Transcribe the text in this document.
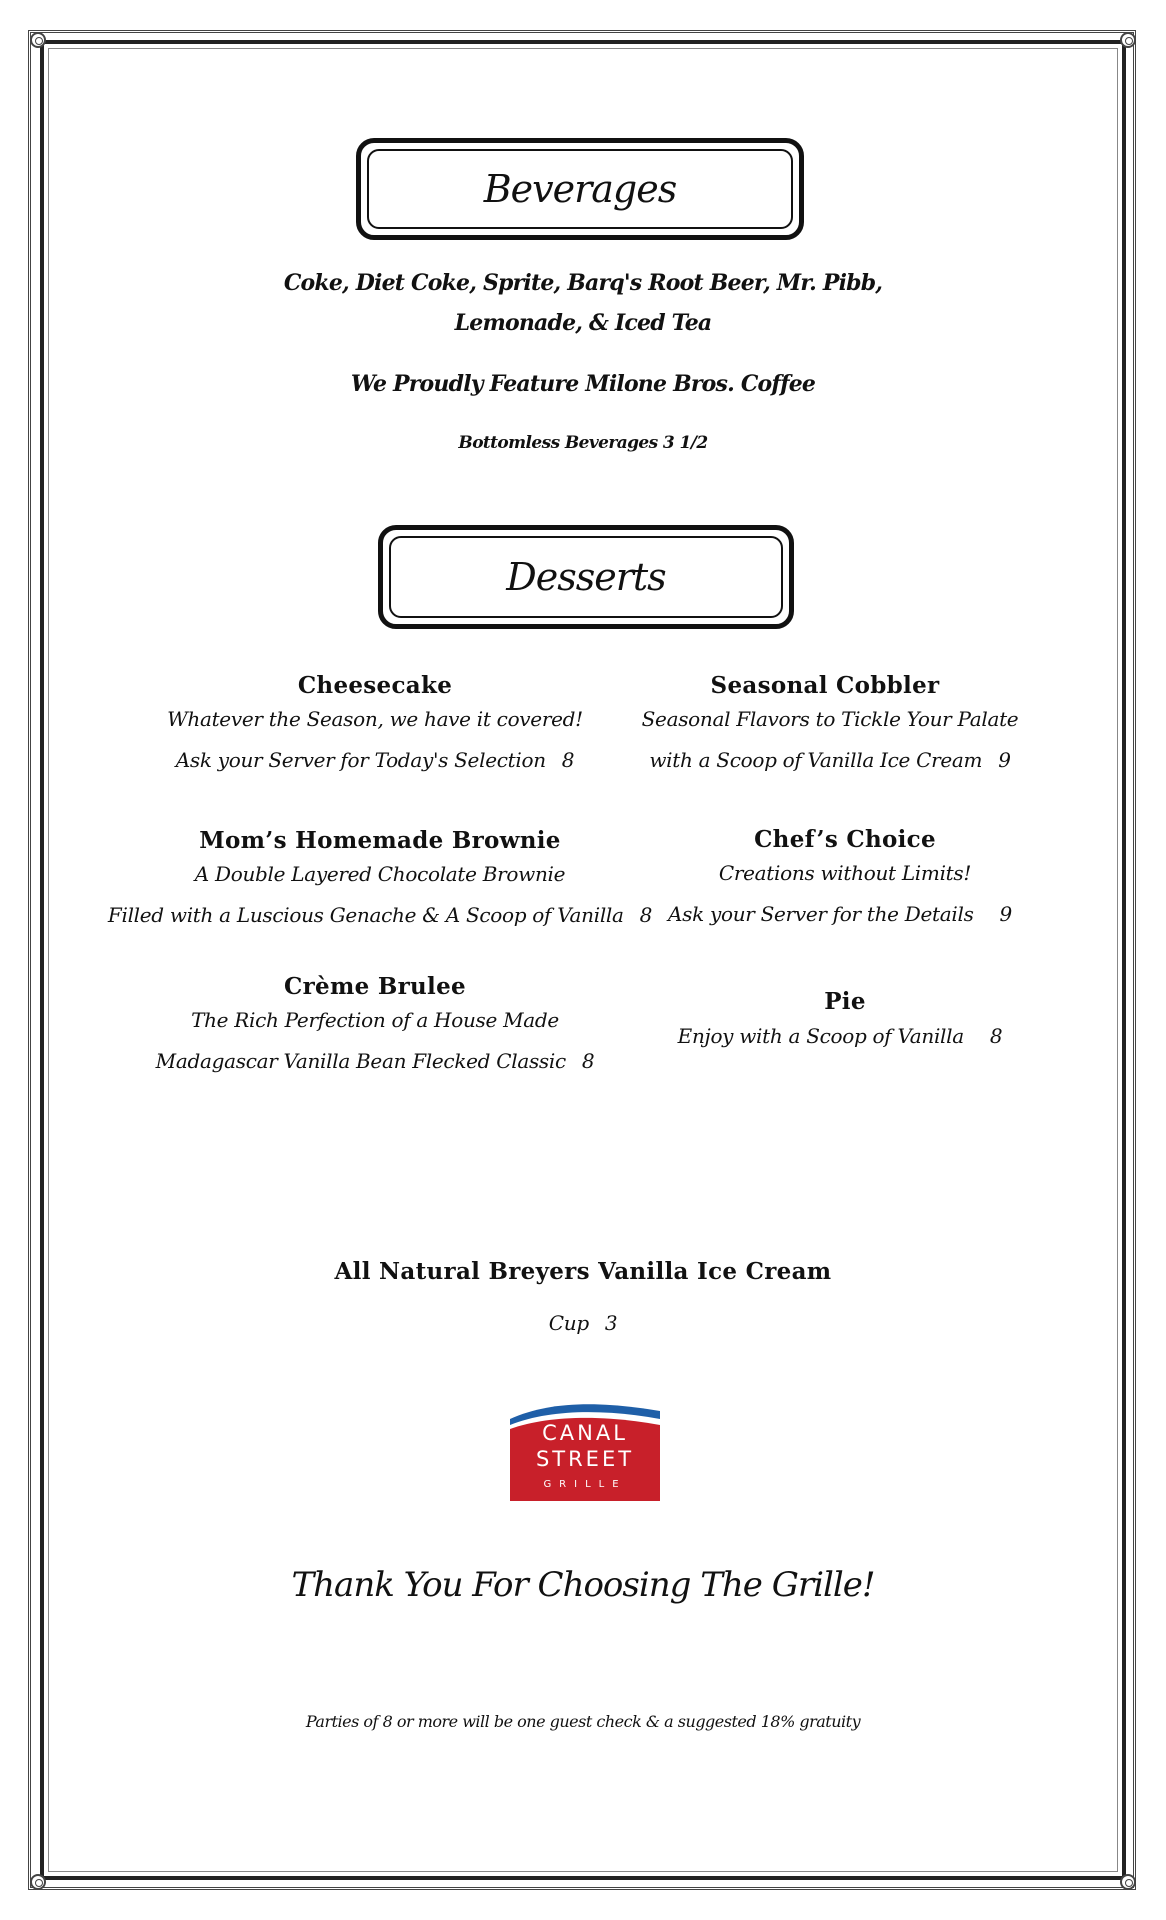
Beverages
Coke, Diet Coke, Sprite, Barq's Root Beer, Mr. Pibb,
Lemonade, & Iced Tea
We Proudly Feature Milone Bros. Coffee
Bottomless Beverages 3 1/2
Desserts
Cheesecake
Whatever the Season, we have it covered!
Ask your Server for Today's Selection 8
Seasonal Cobbler
Seasonal Flavors to Tickle Your Palate
with a Scoop of Vanilla Ice Cream 9
Mom’s Homemade Brownie
A Double Layered Chocolate Brownie
Filled with a Luscious Genache & A Scoop of Vanilla 8
Chef’s Choice
Creations without Limits!
Ask your Server for the Details 9
Crème Brulee
The Rich Perfection of a House Made
Madagascar Vanilla Bean Flecked Classic 8
Pie
Enjoy with a Scoop of Vanilla 8
All Natural Breyers Vanilla Ice Cream
Cup 3
CANAL
STREET
GRILLE
Thank You For Choosing The Grille!
Parties of 8 or more will be one guest check & a suggested 18% gratuity
